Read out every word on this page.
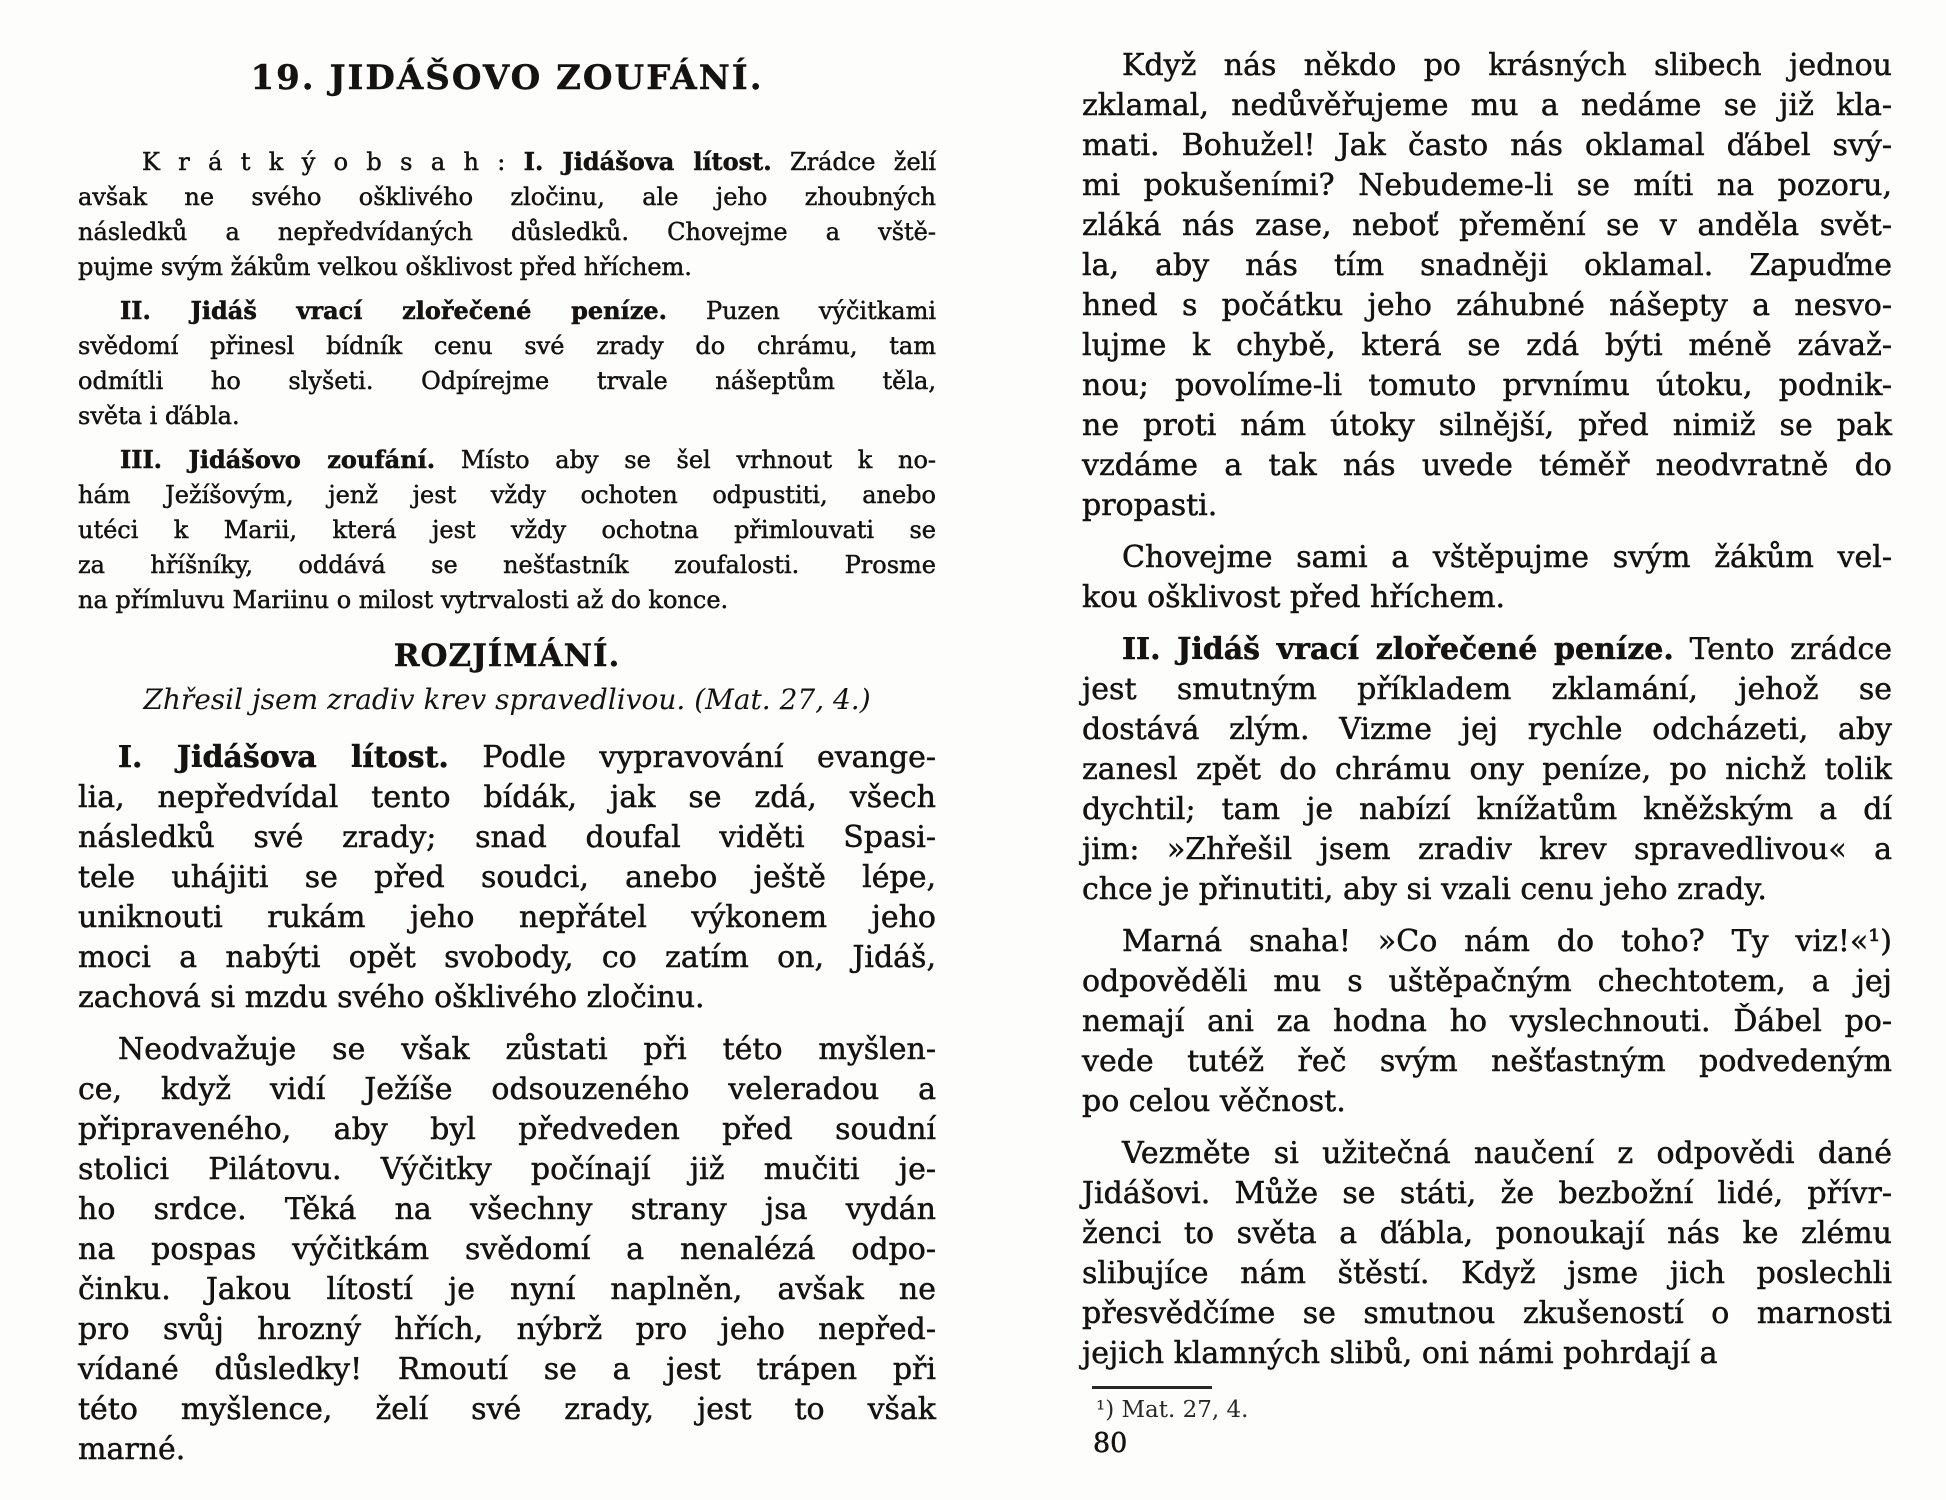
19. JIDÁŠOVO ZOUFÁNÍ.
K r á t k ý o b s a h : I. Jidášova lítost. Zrádce želí
avšak ne svého ošklivého zločinu, ale jeho zhoubných
následků a nepředvídaných důsledků. Chovejme a vště-
pujme svým žákům velkou ošklivost před hříchem.
II. Jidáš vrací zlořečené peníze. Puzen výčitkami
svědomí přinesl bídník cenu své zrady do chrámu, tam
odmítli ho slyšeti. Odpírejme trvale nášeptům těla,
světa i ďábla.
III. Jidášovo zoufání. Místo aby se šel vrhnout k no-
hám Ježíšovým, jenž jest vždy ochoten odpustiti, anebo
utéci k Marii, která jest vždy ochotna přimlouvati se
za hříšníky, oddává se nešťastník zoufalosti. Prosme
na přímluvu Mariinu o milost vytrvalosti až do konce.
ROZJÍMÁNÍ.
Zhřesil jsem zradiv krev spravedlivou. (Mat. 27, 4.)
I. Jidášova lítost. Podle vypravování evange-
lia, nepředvídal tento bídák, jak se zdá, všech
následků své zrady; snad doufal viděti Spasi-
tele uhájiti se před soudci, anebo ještě lépe,
uniknouti rukám jeho nepřátel výkonem jeho
moci a nabýti opět svobody, co zatím on, Jidáš,
zachová si mzdu svého ošklivého zločinu.
Neodvažuje se však zůstati při této myšlen-
ce, když vidí Ježíše odsouzeného veleradou a
připraveného, aby byl předveden před soudní
stolici Pilátovu. Výčitky počínají již mučiti je-
ho srdce. Těká na všechny strany jsa vydán
na pospas výčitkám svědomí a nenalézá odpo-
činku. Jakou lítostí je nyní naplněn, avšak ne
pro svůj hrozný hřích, nýbrž pro jeho nepřed-
vídané důsledky! Rmoutí se a jest trápen při
této myšlence, želí své zrady, jest to však
marné.
Když nás někdo po krásných slibech jednou
zklamal, nedůvěřujeme mu a nedáme se již kla-
mati. Bohužel! Jak často nás oklamal ďábel svý-
mi pokušeními? Nebudeme-li se míti na pozoru,
zláká nás zase, neboť přemění se v anděla svět-
la, aby nás tím snadněji oklamal. Zapuďme
hned s počátku jeho záhubné nášepty a nesvo-
lujme k chybě, která se zdá býti méně závaž-
nou; povolíme-li tomuto prvnímu útoku, podnik-
ne proti nám útoky silnější, před nimiž se pak
vzdáme a tak nás uvede téměř neodvratně do
propasti.
Chovejme sami a vštěpujme svým žákům vel-
kou ošklivost před hříchem.
II. Jidáš vrací zlořečené peníze. Tento zrádce
jest smutným příkladem zklamání, jehož se
dostává zlým. Vizme jej rychle odcházeti, aby
zanesl zpět do chrámu ony peníze, po nichž tolik
dychtil; tam je nabízí knížatům kněžským a dí
jim: »Zhřešil jsem zradiv krev spravedlivou« a
chce je přinutiti, aby si vzali cenu jeho zrady.
Marná snaha! »Co nám do toho? Ty viz!«¹)
odpověděli mu s uštěpačným chechtotem, a jej
nemají ani za hodna ho vyslechnouti. Ďábel po-
vede tutéž řeč svým nešťastným podvedeným
po celou věčnost.
Vezměte si užitečná naučení z odpovědi dané
Jidášovi. Může se státi, že bezbožní lidé, přívr-
ženci to světa a ďábla, ponoukají nás ke zlému
slibujíce nám štěstí. Když jsme jich poslechli
přesvědčíme se smutnou zkušeností o marnosti
jejich klamných slibů, oni námi pohrdají a
¹) Mat. 27, 4.
80
